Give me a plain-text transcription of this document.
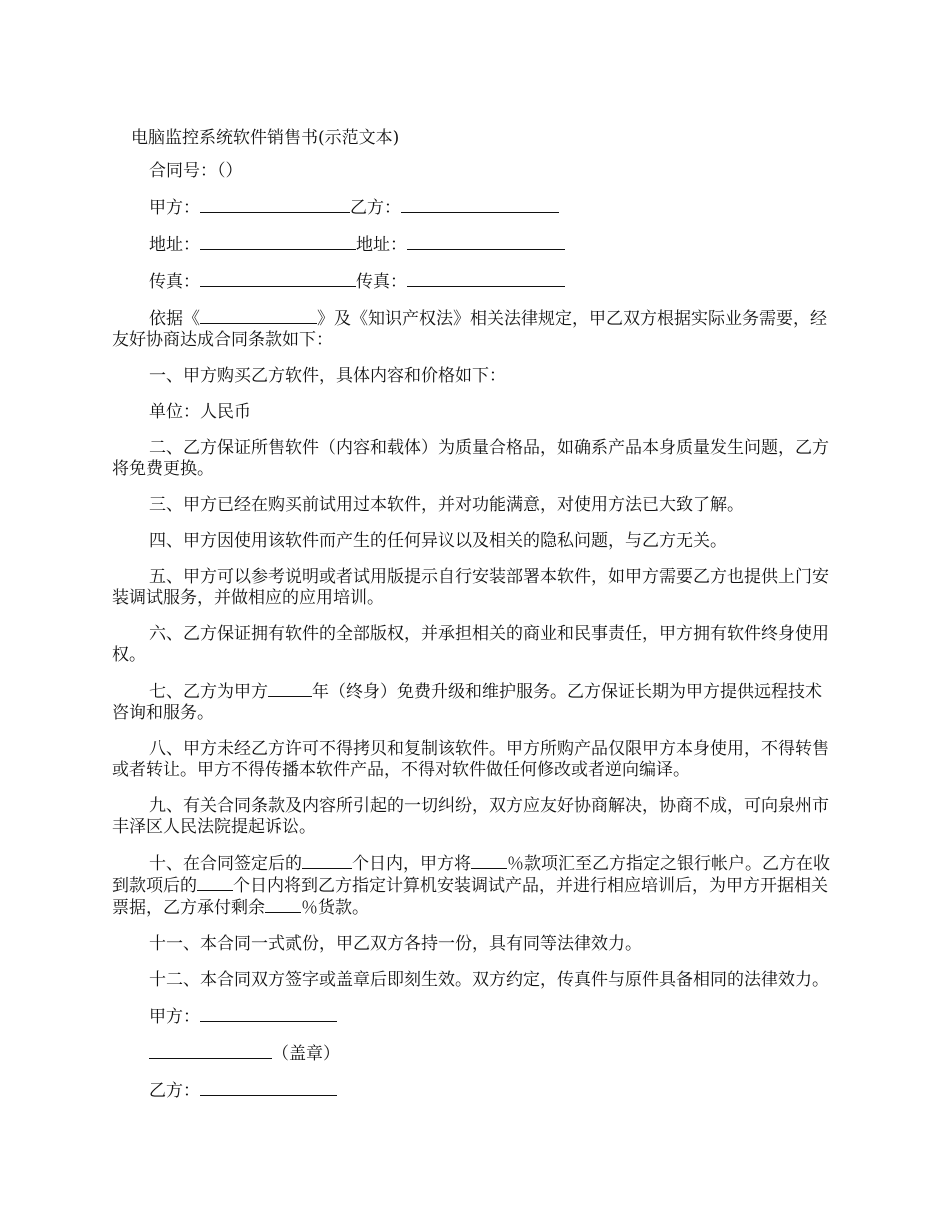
电脑监控系统软件销售书(示范文本)

合同号：（）

甲方：	乙方：

地址：	地址：

传真：	传真：

依据《	》及《知识产权法》相关法律规定，甲乙双方根据实际业务需要，经友好协商达成合同条款如下：

一、甲方购买乙方软件，具体内容和价格如下：

单位：人民币

二、乙方保证所售软件（内容和载体）为质量合格品，如确系产品本身质量发生问题，乙方将免费更换。

三、甲方已经在购买前试用过本软件，并对功能满意，对使用方法已大致了解。

四、甲方因使用该软件而产生的任何异议以及相关的隐私问题，与乙方无关。

五、甲方可以参考说明或者试用版提示自行安装部署本软件，如甲方需要乙方也提供上门安装调试服务，并做相应的应用培训。

六、乙方保证拥有软件的全部版权，并承担相关的商业和民事责任，甲方拥有软件终身使用权。

七、乙方为甲方	年（终身）免费升级和维护服务。乙方保证长期为甲方提供远程技术咨询和服务。

八、甲方未经乙方许可不得拷贝和复制该软件。甲方所购产品仅限甲方本身使用，不得转售或者转让。甲方不得传播本软件产品，不得对软件做任何修改或者逆向编译。

九、有关合同条款及内容所引起的一切纠纷，双方应友好协商解决，协商不成，可向泉州市丰泽区人民法院提起诉讼。

十、在合同签定后的	个日内，甲方将 ％款项汇至乙方指定之银行帐户。乙方在收到款项后的 个日内将到乙方指定计算机安装调试产品，并进行相应培训后，为甲方开据相关票据，乙方承付剩余 ％货款。

十一、本合同一式贰份，甲乙双方各持一份，具有同等法律效力。

十二、本合同双方签字或盖章后即刻生效。双方约定，传真件与原件具备相同的法律效力。

甲方：

（盖章）

乙方：
